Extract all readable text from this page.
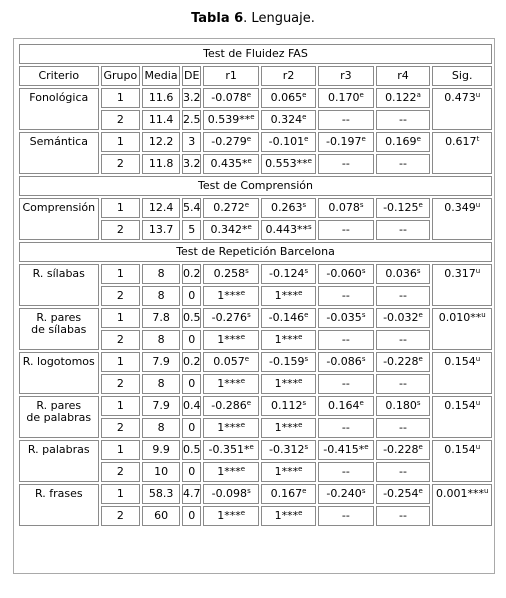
Tabla 6. Lenguaje.
Test de Fluidez FAS								
Criterio	Grupo	Media	DE	r1	r2	r3	r4	Sig.
Fonológica	1	11.6	3.2	-0.078e	0.065e	0.170e	0.122$^a$	0.473$^u$
	2	11.4	2.5	0.539**$^e$	0.324e	--	--	
Semántica	1	12.2	3	-0.279e	-0.101e	-0.197e	0.169e	0.617$^t$
	2	11.8	3.2	0.435*$^e$	0.553**$^e$	--	--	
Test de Comprensión								
Comprensión	1	12.4	5.4	0.272e	0.263$^s$	0.078$^s$	-0.125e	0.349$^u$
	2	13.7	5	0.342*$^e$	0.443**$^s$	--	--	
Test de Repetición Barcelona								
R. sílabas	1	8	0.2	0.258$^s$	-0.124$^s$	-0.060$^s$	0.036$^s$	0.317$^u$
	2	8	0	1***$^e$	1***$^e$	--	--	
R. pares
de sílabas	1	7.8	0.5	-0.276$^s$	-0.146e	-0.035$^s$	-0.032e	0.010**$^u$
	2	8	0	1***$^e$	1***$^e$	--	--	
R. logotomos	1	7.9	0.2	0.057e	-0.159$^s$	-0.086$^s$	-0.228e	0.154$^u$
	2	8	0	1***$^e$	1***$^e$	--	--	
R. pares
de palabras	1	7.9	0.4	-0.286e	0.112$^s$	0.164e	0.180$^s$	0.154$^u$
	2	8	0	1***$^e$	1***$^e$	--	--	
R. palabras	1	9.9	0.5	-0.351*$^e$	-0.312$^s$	-0.415*$^e$	-0.228e	0.154$^u$
	2	10	0	1***$^e$	1***$^e$	--	--	
R. frases	1	58.3	4.7	-0.098$^s$	0.167e	-0.240$^s$	-0.254e	0.001***$^u$
	2	60	0	1***$^e$	1***$^e$	--	--	
